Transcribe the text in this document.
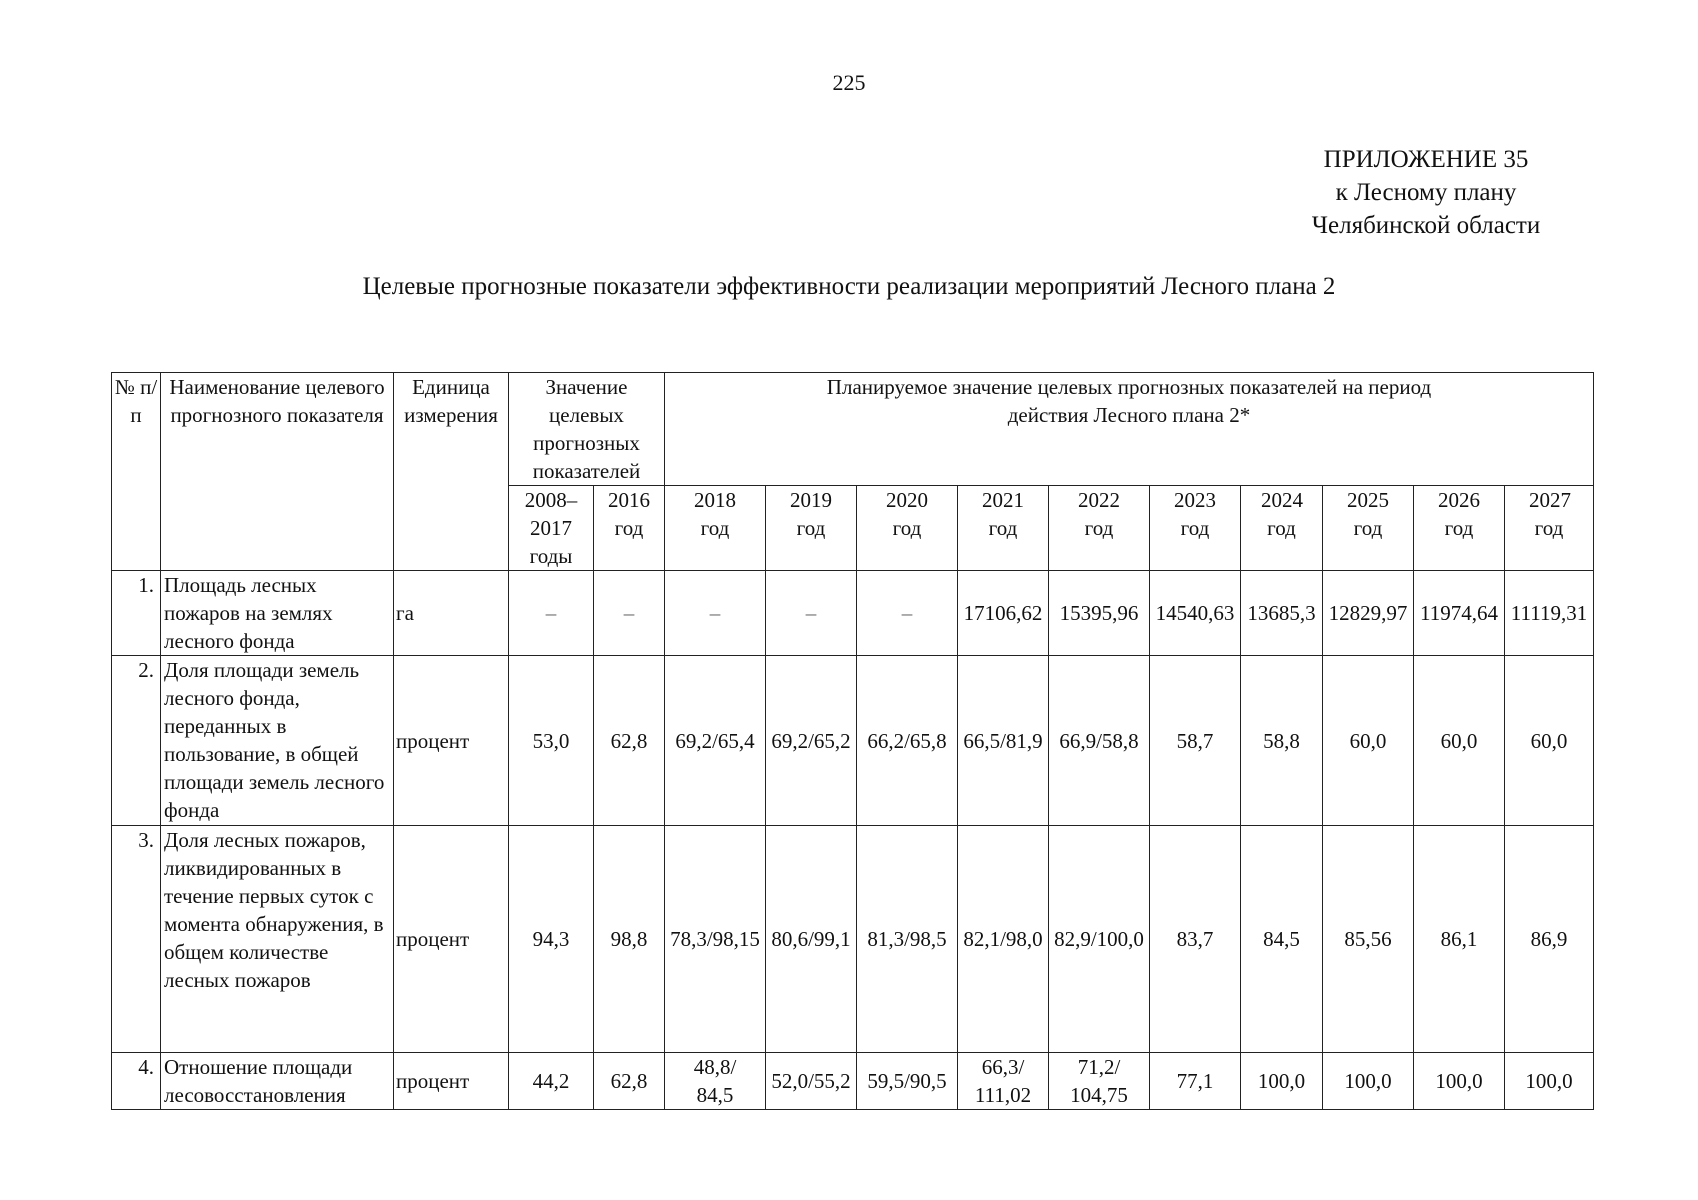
225
ПРИЛОЖЕНИЕ 35
к Лесному плану
Челябинской области
Целевые прогнозные показатели эффективности реализации мероприятий Лесного плана 2
№ п/п	Наименование целевого прогнозного показателя	Единица измерения	Значение целевых прогнозных показателей		Планируемое значение целевых прогнозных показателей на период действия Лесного плана 2*									
			2008– 2017 годы	2016 год	2018 год	2019 год	2020 год	2021 год	2022 год	2023 год	2024 год	2025 год	2026 год	2027 год
1.	Площадь лесных пожаров на землях лесного фонда	га	–	–	–	–	–	17106,62	15395,96	14540,63	13685,3	12829,97	11974,64	11119,31
2.	Доля площади земель лесного фонда, переданных в пользование, в общей площади земель лесного фонда	процент	53,0	62,8	69,2/65,4	69,2/65,2	66,2/65,8	66,5/81,9	66,9/58,8	58,7	58,8	60,0	60,0	60,0
3.	Доля лесных пожаров, ликвидированных в течение первых суток с момента обнаружения, в общем количестве лесных пожаров	процент	94,3	98,8	78,3/98,15	80,6/99,1	81,3/98,5	82,1/98,0	82,9/100,0	83,7	84,5	85,56	86,1	86,9
4.	Отношение площади лесовосстановления	процент	44,2	62,8	48,8/ 84,5	52,0/55,2	59,5/90,5	66,3/ 111,02	71,2/ 104,75	77,1	100,0	100,0	100,0	100,0
